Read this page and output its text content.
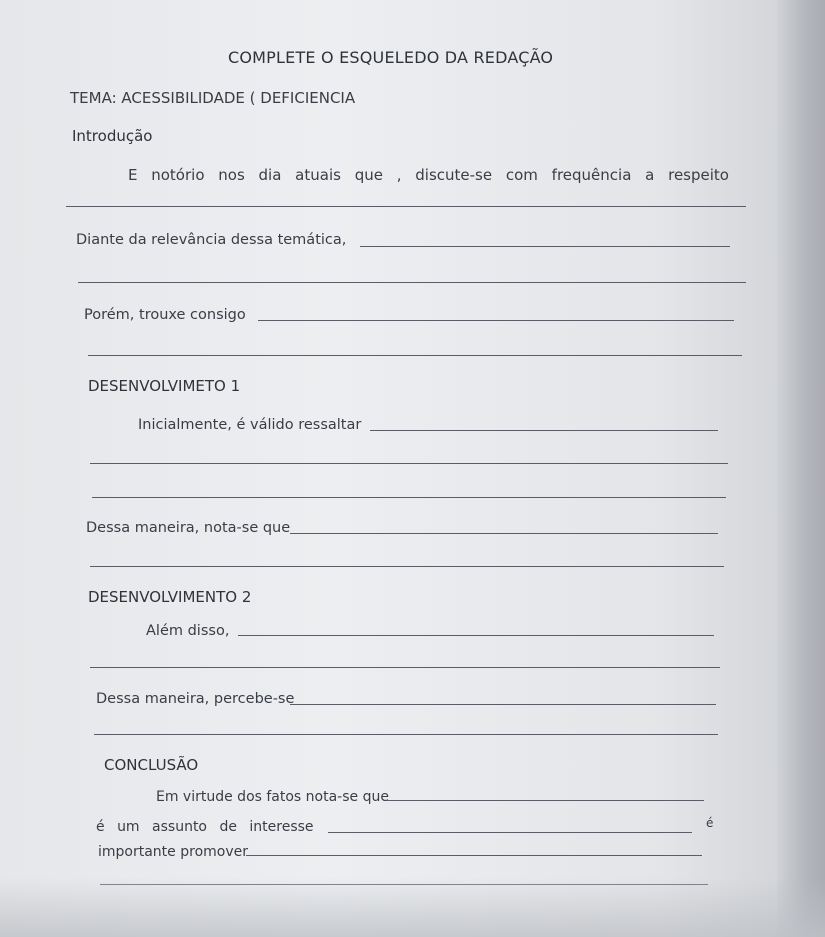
COMPLETE O ESQUELEDO DA REDAÇÃO
TEMA: ACESSIBILIDADE ( DEFICIENCIA
Introdução
E notório nos dia atuais que , discute-se com frequência a respeito
Diante da relevância dessa temática,
Porém, trouxe consigo
DESENVOLVIMETO 1
Inicialmente, é válido ressaltar
Dessa maneira, nota-se que
DESENVOLVIMENTO 2
Além disso,
Dessa maneira, percebe-se
CONCLUSÃO
Em virtude dos fatos nota-se que
é um assunto de interesse	é
importante promover
